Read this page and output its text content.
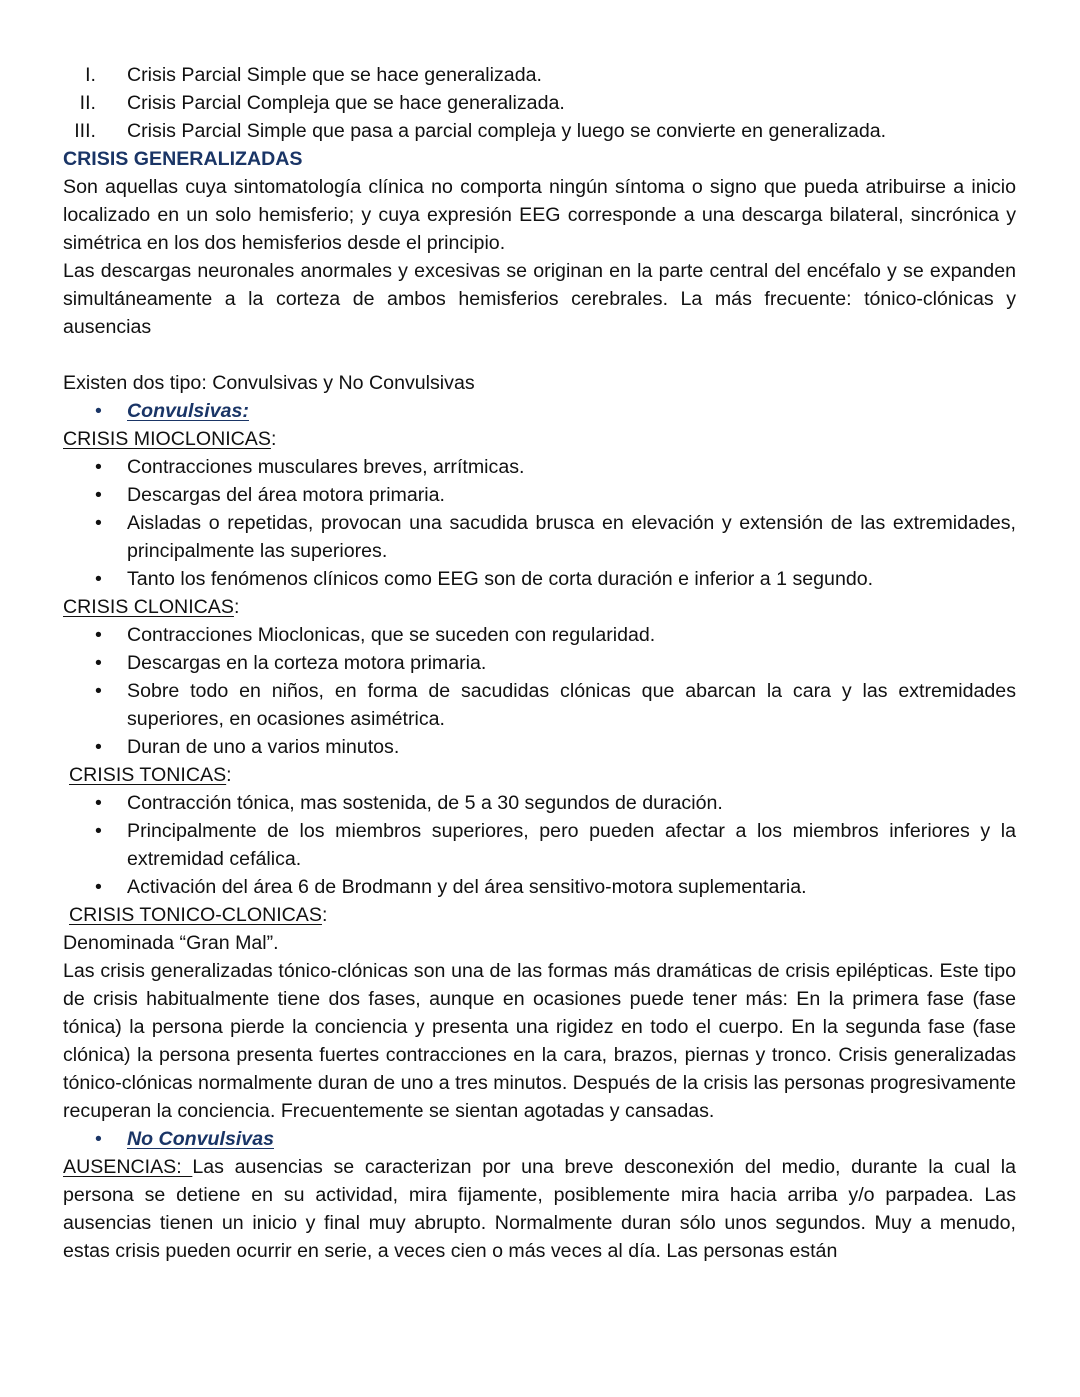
I. Crisis Parcial Simple que se hace generalizada.
II. Crisis Parcial Compleja que se hace generalizada.
III. Crisis Parcial Simple que pasa a parcial compleja y luego se convierte en generalizada.
CRISIS GENERALIZADAS

Son aquellas cuya sintomatología clínica no comporta ningún síntoma o signo que pueda atribuirse a inicio localizado en un solo hemisferio; y cuya expresión EEG corresponde a una descarga bilateral, sincrónica y simétrica en los dos hemisferios desde el principio.

Las descargas neuronales anormales y excesivas se originan en la parte central del encéfalo y se expanden simultáneamente a la corteza de ambos hemisferios cerebrales. La más frecuente: tónico-clónicas y ausencias

Existen dos tipo: Convulsivas y No Convulsivas
• Convulsivas:
CRISIS MIOCLONICAS:
• Contracciones musculares breves, arrítmicas.
• Descargas del área motora primaria.
• Aisladas o repetidas, provocan una sacudida brusca en elevación y extensión de las extremidades, principalmente las superiores.
• Tanto los fenómenos clínicos como EEG son de corta duración e inferior a 1 segundo.
CRISIS CLONICAS:
• Contracciones Mioclonicas, que se suceden con regularidad.
• Descargas en la corteza motora primaria.
• Sobre todo en niños, en forma de sacudidas clónicas que abarcan la cara y las extremidades superiores, en ocasiones asimétrica.
• Duran de uno a varios minutos.
CRISIS TONICAS:
• Contracción tónica, mas sostenida, de 5 a 30 segundos de duración.
• Principalmente de los miembros superiores, pero pueden afectar a los miembros inferiores y la extremidad cefálica.
• Activación del área 6 de Brodmann y del área sensitivo-motora suplementaria.
CRISIS TONICO-CLONICAS:
Denominada “Gran Mal”.

Las crisis generalizadas tónico-clónicas son una de las formas más dramáticas de crisis epilépticas. Este tipo de crisis habitualmente tiene dos fases, aunque en ocasiones puede tener más: En la primera fase (fase tónica) la persona pierde la conciencia y presenta una rigidez en todo el cuerpo. En la segunda fase (fase clónica) la persona presenta fuertes contracciones en la cara, brazos, piernas y tronco. Crisis generalizadas tónico-clónicas normalmente duran de uno a tres minutos. Después de la crisis las personas progresivamente recuperan la conciencia. Frecuentemente se sientan agotadas y cansadas.

• No Convulsivas

AUSENCIAS: Las ausencias se caracterizan por una breve desconexión del medio, durante la cual la persona se detiene en su actividad, mira fijamente, posiblemente mira hacia arriba y/o parpadea. Las ausencias tienen un inicio y final muy abrupto. Normalmente duran sólo unos segundos. Muy a menudo, estas crisis pueden ocurrir en serie, a veces cien o más veces al día. Las personas están
